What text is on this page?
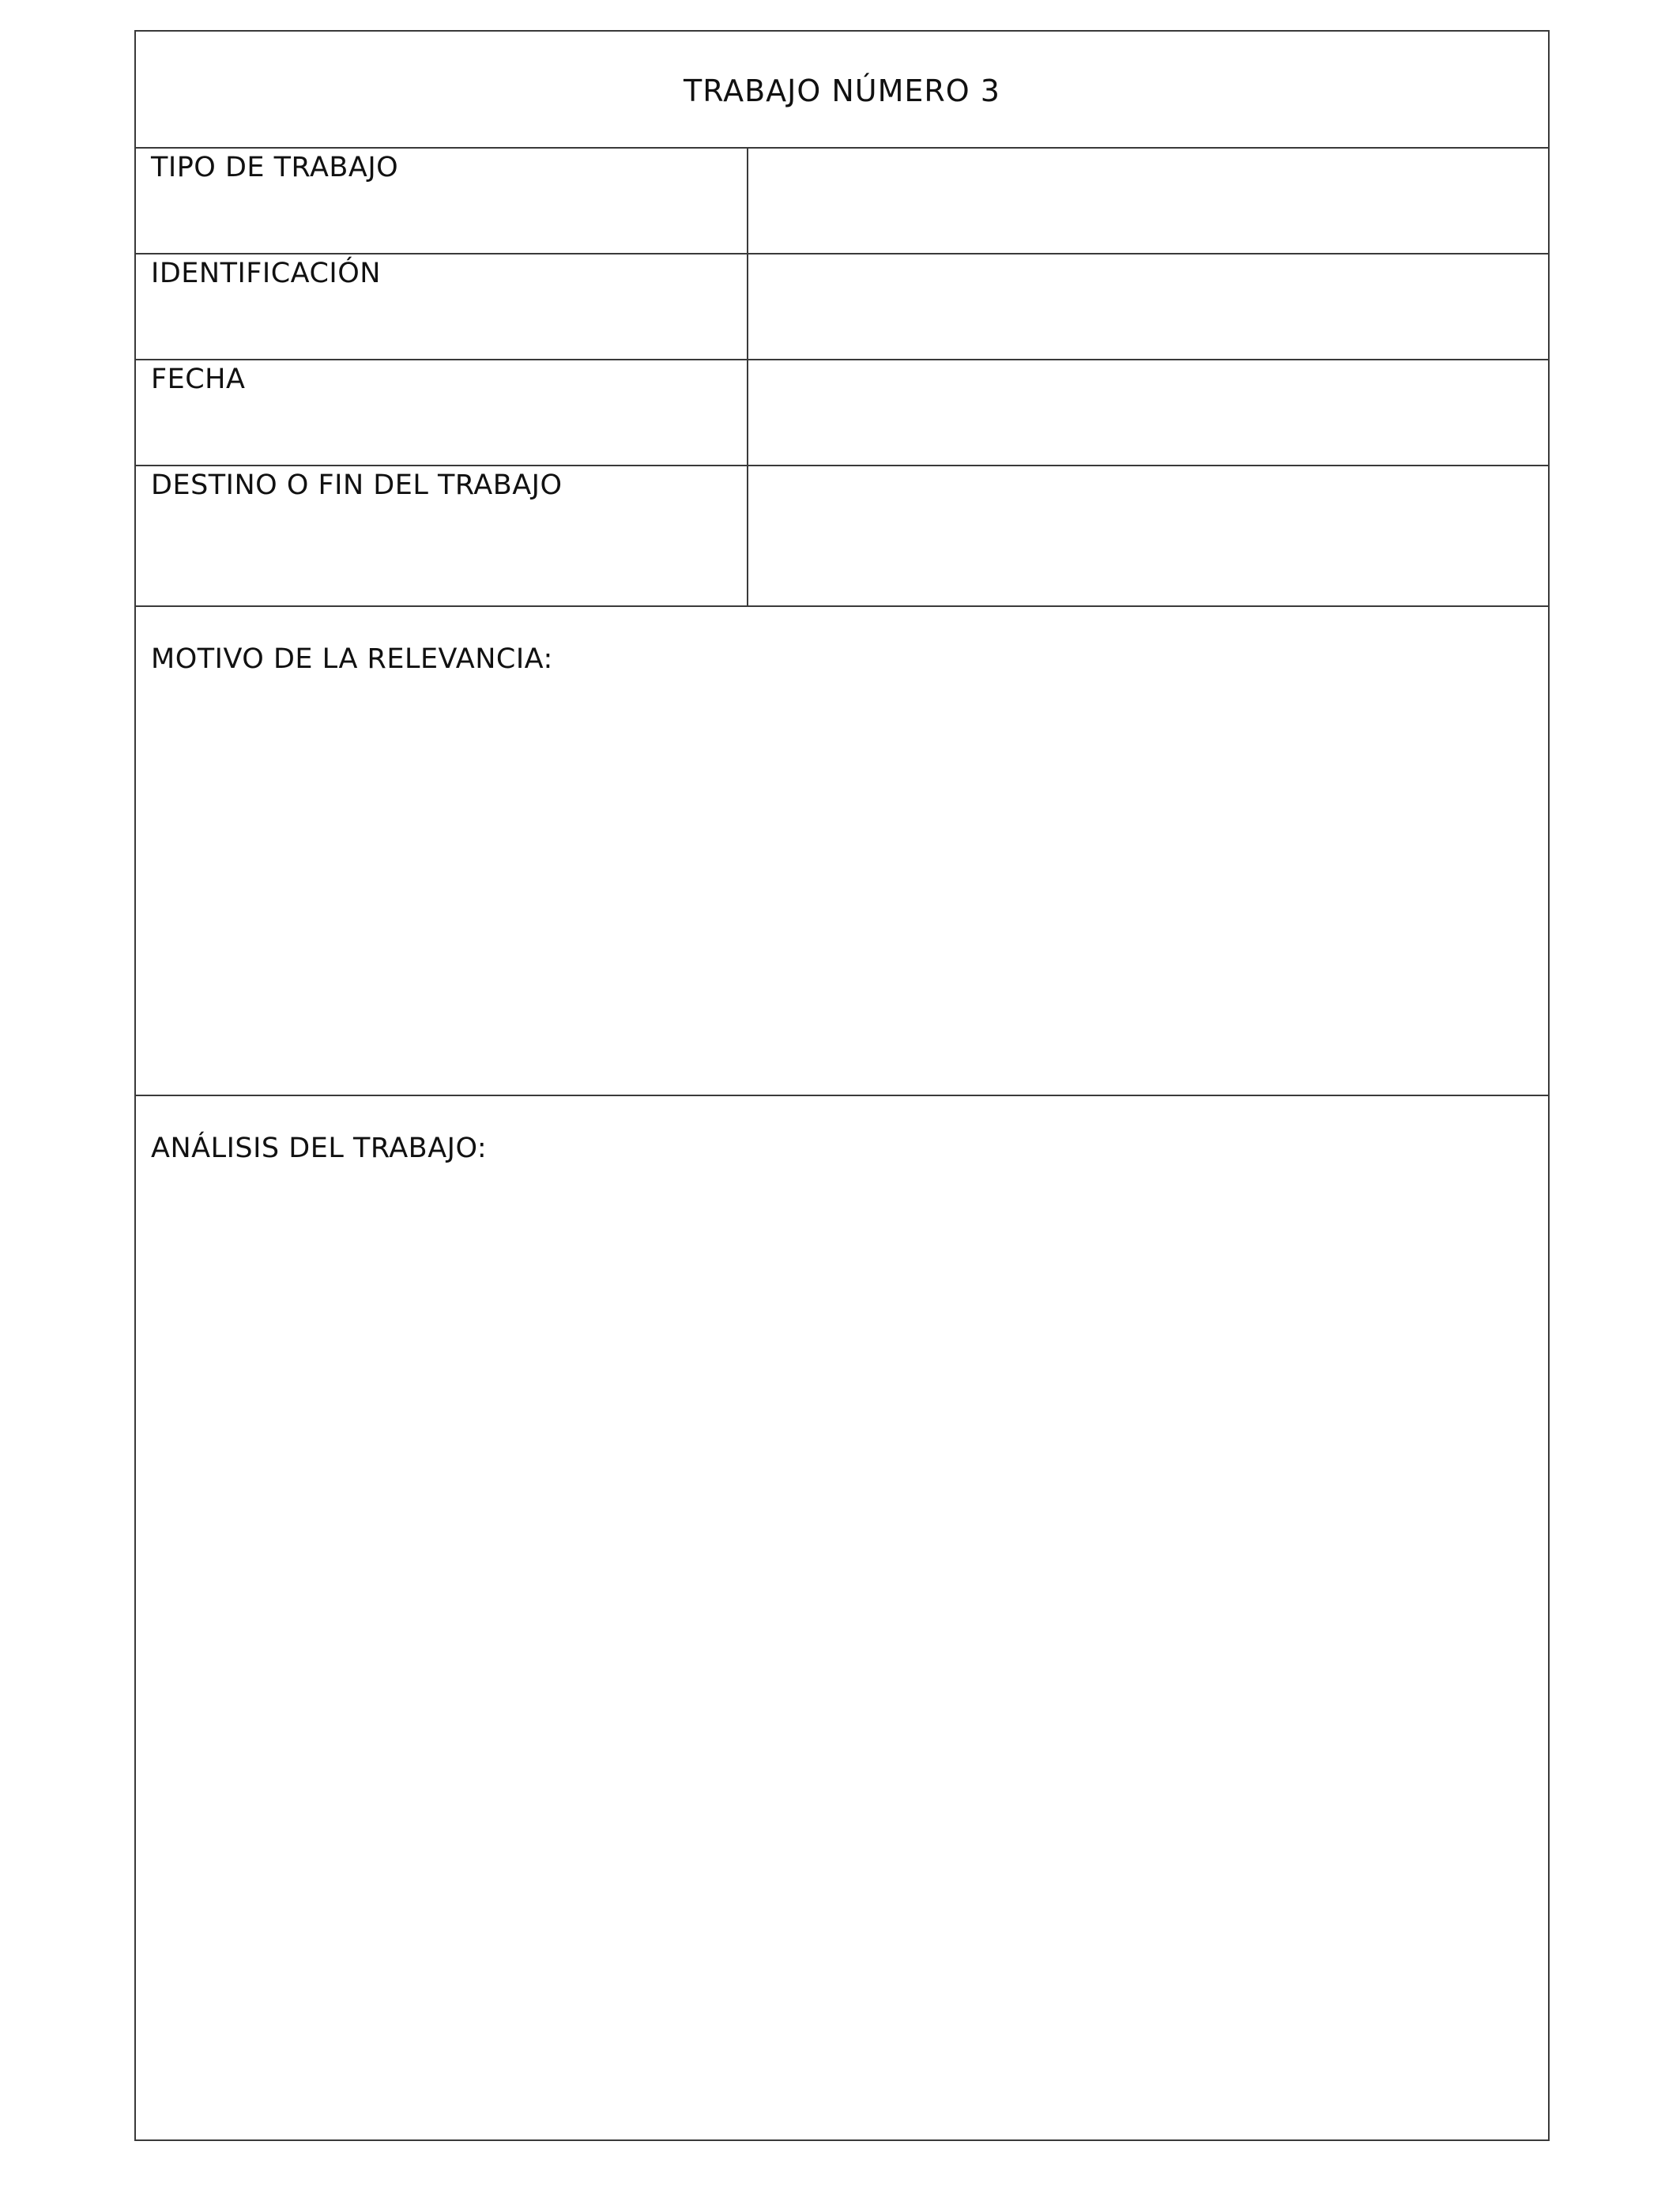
TRABAJO NÚMERO 3
TIPO DE TRABAJO
IDENTIFICACIÓN
FECHA
DESTINO O FIN DEL TRABAJO
MOTIVO DE LA RELEVANCIA:
ANÁLISIS DEL TRABAJO:
